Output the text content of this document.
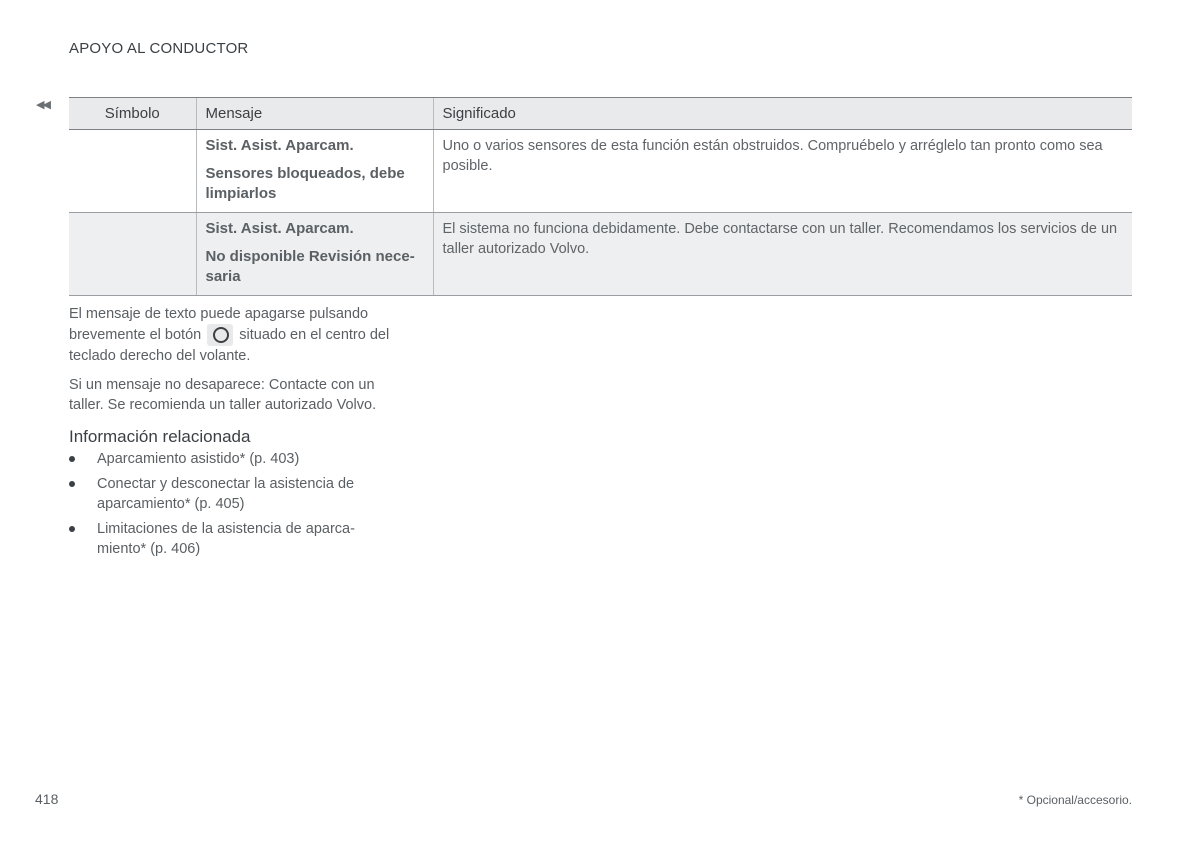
APOYO AL CONDUCTOR
◀◀	Símbolo	Mensaje	Significado

	Sist. Asist. Aparcam.
Sensores bloqueados, debe limpiarlos	Uno o varios sensores de esta función están obstruidos. Compruébelo y arréglelo tan pronto como sea posible.

	Sist. Asist. Aparcam.
No disponible Revisión nece-saria	El sistema no funciona debidamente. Debe contactarse con un taller. Recomendamos los servicios de un taller autorizado Volvo.

El mensaje de texto puede apagarse pulsando brevemente el botón	situado en el centro del teclado derecho del volante.

Si un mensaje no desaparece: Contacte con un taller. Se recomienda un taller autorizado Volvo.

Información relacionada
Aparcamiento asistido* (p. 403)
Conectar y desconectar la asistencia de aparcamiento* (p. 405)
Limitaciones de la asistencia de aparca-miento* (p. 406)
418	* Opcional/accesorio.
